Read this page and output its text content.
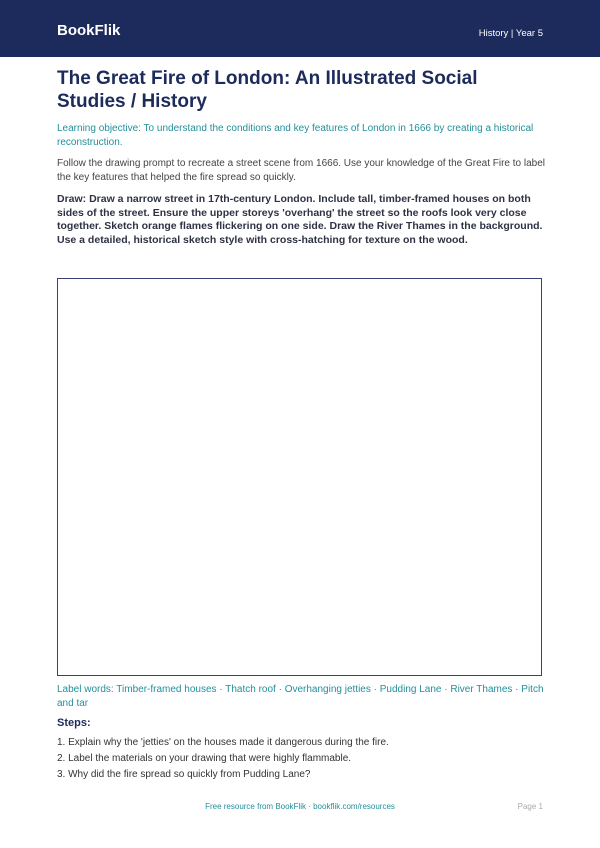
BookFlik	History | Year 5
The Great Fire of London: An Illustrated Social Studies / History
Learning objective: To understand the conditions and key features of London in 1666 by creating a historical reconstruction.
Follow the drawing prompt to recreate a street scene from 1666. Use your knowledge of the Great Fire to label the key features that helped the fire spread so quickly.
Draw: Draw a narrow street in 17th-century London. Include tall, timber-framed houses on both sides of the street. Ensure the upper storeys 'overhang' the street so the roofs look very close together. Sketch orange flames flickering on one side. Draw the River Thames in the background. Use a detailed, historical sketch style with cross-hatching for texture on the wood.
Label words: Timber-framed houses · Thatch roof · Overhanging jetties · Pudding Lane · River Thames · Pitch and tar
Steps:
1. Explain why the 'jetties' on the houses made it dangerous during the fire.
2. Label the materials on your drawing that were highly flammable.
3. Why did the fire spread so quickly from Pudding Lane?
Free resource from BookFlik · bookflik.com/resources	Page 1
